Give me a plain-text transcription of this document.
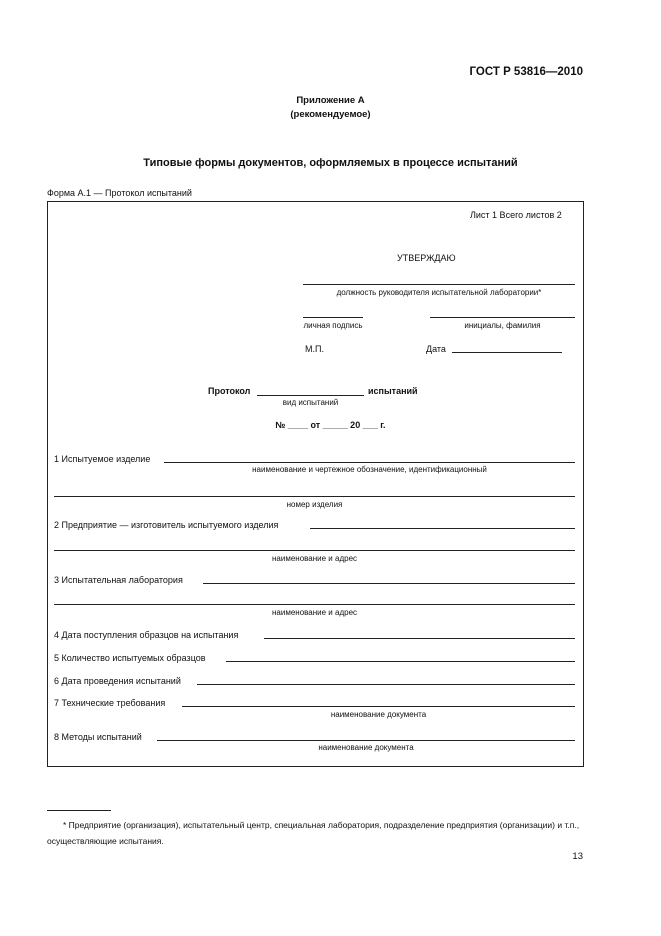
ГОСТ Р 53816—2010
Приложение А
(рекомендуемое)
Типовые формы документов, оформляемых в процессе испытаний
Форма А.1 — Протокол испытаний
Лист 1 Всего листов 2
УТВЕРЖДАЮ
должность руководителя испытательной лаборатории*
личная подпись	инициалы, фамилия
М.П.	Дата
Протокол	испытаний
вид испытаний
№ ____ от _____ 20 ___ г.
1 Испытуемое изделие
наименование и чертежное обозначение, идентификационный
номер изделия
2 Предприятие — изготовитель испытуемого изделия
наименование и адрес
3 Испытательная лаборатория
наименование и адрес
4 Дата поступления образцов на испытания
5 Количество испытуемых образцов
6 Дата проведения испытаний
7 Технические требования
наименование документа
8 Методы испытаний
наименование документа
* Предприятие (организация), испытательный центр, специальная лаборатория, подразделение предприятия (организации) и т.п., осуществляющие испытания.
13
